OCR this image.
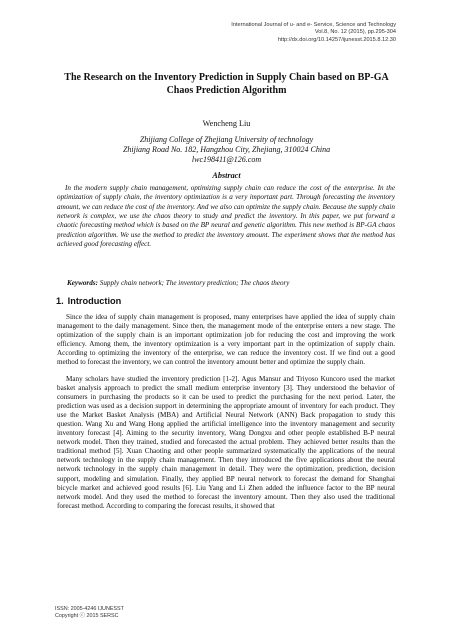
International Journal of u- and e- Service, Science and Technology
Vol.8, No. 12 (2015), pp.295-304
http://dx.doi.org/10.14257/ijunesst.2015.8.12.30
The Research on the Inventory Prediction in Supply Chain based on BP-GA Chaos Prediction Algorithm
Wencheng Liu
Zhijiang College of Zhejiang University of technology
Zhijiang Road No. 182, Hangzhou City, Zhejiang, 310024 China
lwc198411@126.com
Abstract

In the modern supply chain management, optimizing supply chain can reduce the cost of the enterprise. In the optimization of supply chain, the inventory optimization is a very important part. Through forecasting the inventory amount, we can reduce the cost of the inventory. And we also can optimize the supply chain. Because the supply chain network is complex, we use the chaos theory to study and predict the inventory. In this paper, we put forward a chaotic forecasting method which is based on the BP neural and genetic algorithm. This new method is BP-GA chaos prediction algorithm. We use the method to predict the inventory amount. The experiment shows that the method has achieved good forecasting effect.

Keywords: Supply chain network; The inventory prediction; The chaos theory
1. Introduction

Since the idea of supply chain management is proposed, many enterprises have applied the idea of supply chain management to the daily management. Since then, the management mode of the enterprise enters a new stage. The optimization of the supply chain is an important optimization job for reducing the cost and improving the work efficiency. Among them, the inventory optimization is a very important part in the optimization of supply chain. According to optimizing the inventory of the enterprise, we can reduce the inventory cost. If we find out a good method to forecast the inventory, we can control the inventory amount better and optimize the supply chain.

Many scholars have studied the inventory prediction [1-2]. Agus Mansur and Triyoso Kuncoro used the market basket analysis approach to predict the small medium enterprise inventory [3]. They understood the behavior of consumers in purchasing the products so it can be used to predict the purchasing for the next period. Later, the prediction was used as a decision support in determining the appropriate amount of inventory for each product. They use the Market Basket Analysis (MBA) and Artificial Neural Network (ANN) Back propagation to study this question. Wang Xu and Wang Hong applied the artificial intelligence into the inventory management and security inventory forecast [4]. Aiming to the security inventory, Wang Dongxu and other people established B-P neural network model. Then they trained, studied and forecasted the actual problem. They achieved better results than the traditional method [5]. Xuan Chaoting and other people summarized systematically the applications of the neural network technology in the supply chain management. Then they introduced the five applications about the neural network technology in the supply chain management in detail. They were the optimization, prediction, decision support, modeling and simulation. Finally, they applied BP neural network to forecast the demand for Shanghai bicycle market and achieved good results [6]. Liu Yang and Li Zhen added the influence factor to the BP neural network model. And they used the method to forecast the inventory amount. Then they also used the traditional forecast method. According to comparing the forecast results, it showed that

ISSN: 2005-4246 IJUNESST
Copyright ⓒ 2015 SERSC
